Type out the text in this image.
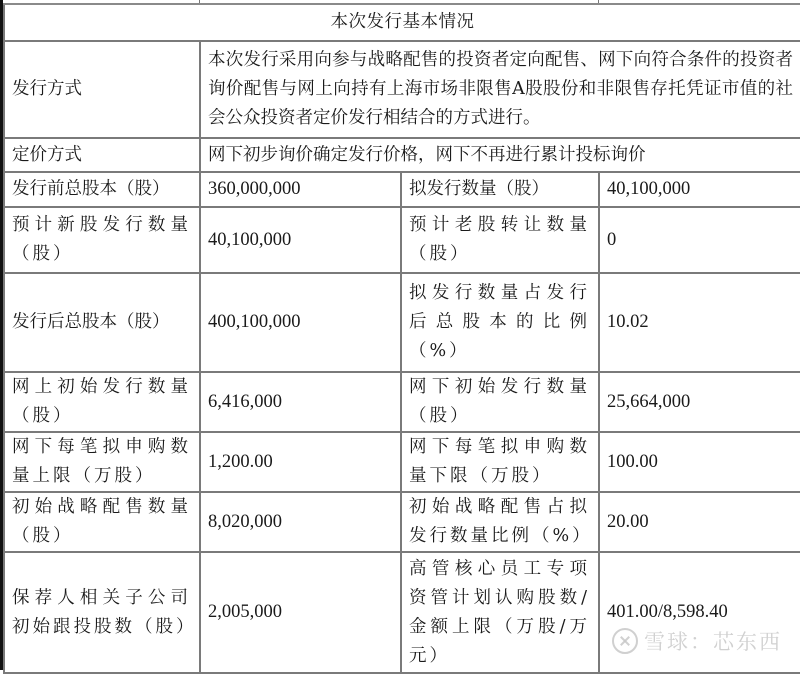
本次发行基本情况			
发行方式	本次发行采用向参与战略配售的投资者定向配售、网下向符合条件的投资者询价配售与网上向持有上海市场非限售A股股份和非限售存托凭证市值的社会公众投资者定价发行相结合的方式进行。		
定价方式	网下初步询价确定发行价格，网下不再进行累计投标询价		
发行前总股本（股）	360,000,000	拟发行数量（股）	40,100,000
预计新股发行数量（股）	40,100,000	预计老股转让数量（股）	0
发行后总股本（股）	400,100,000	拟发行数量占发行后总股本的比例（%）	10.02
网上初始发行数量（股）	6,416,000	网下初始发行数量（股）	25,664,000
网下每笔拟申购数量上限（万股）	1,200.00	网下每笔拟申购数量下限（万股）	100.00
初始战略配售数量（股）	8,020,000	初始战略配售占拟发行数量比例（%）	20.00
保荐人相关子公司初始跟投股数（股）	2,005,000	高管核心员工专项资管计划认购股数/金额上限（万股/万元）	401.00/8,598.40
雪球：芯东西
